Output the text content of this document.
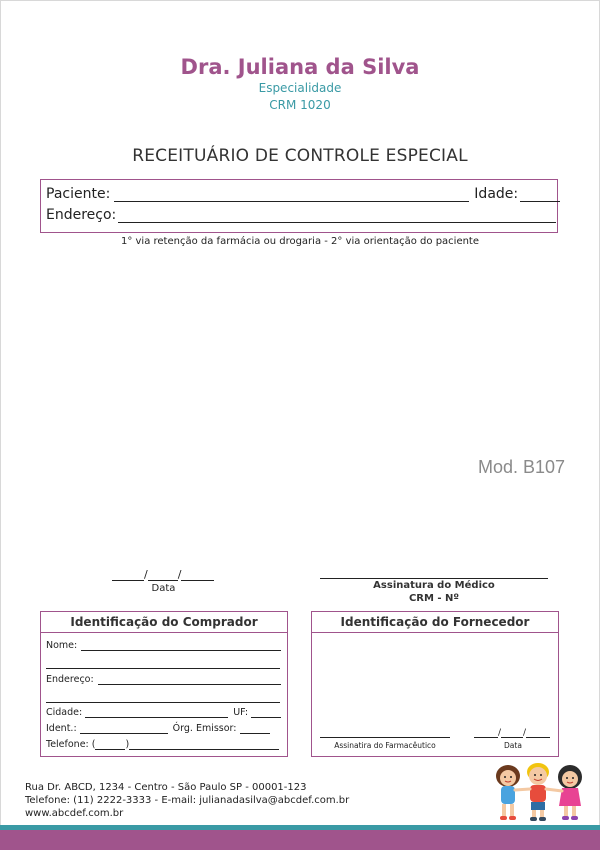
Dra. Juliana da Silva
Especialidade
CRM 1020
RECEITUÁRIO DE CONTROLE ESPECIAL
Paciente:	Idade:
Endereço:
1° via retenção da farmácia ou drogaria - 2° via orientação do paciente
Mod. B107
/	/
Data	Assinatura do Médico
CRM - Nº
Identificação do Comprador
Nome:
Endereço:
Cidade:	UF:
Ident.:	Órg. Emissor:
Telefone: (	)
Identificação do Fornecedor
Assinatira do Farmacêutico
/ /
Data
Rua Dr. ABCD, 1234 - Centro - São Paulo SP - 00001-123
Telefone: (11) 2222-3333 - E-mail: julianadasilva@abcdef.com.br
www.abcdef.com.br
